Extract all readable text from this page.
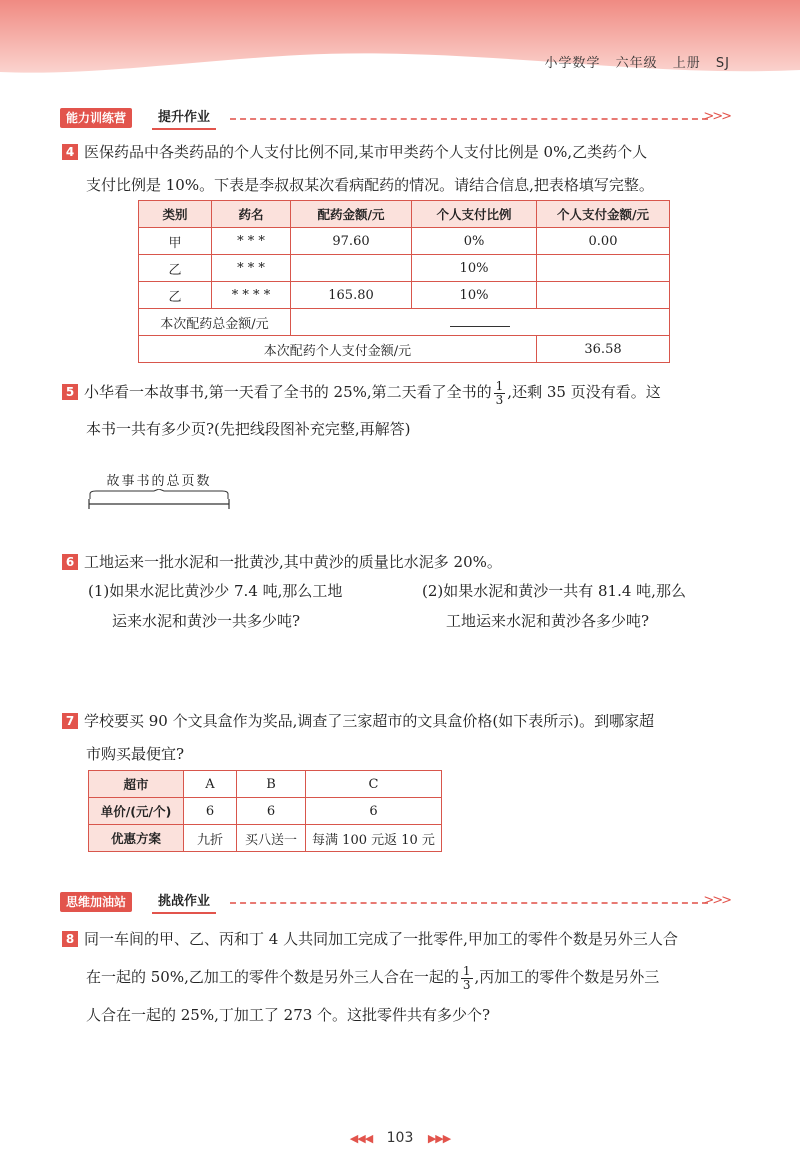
小学数学 六年级 上册 SJ
能力训练营	提升作业	>>>
4 医保药品中各类药品的个人支付比例不同,某市甲类药个人支付比例是 0%,乙类药个人
支付比例是 10%。下表是李叔叔某次看病配药的情况。请结合信息,把表格填写完整。
类别	药名	配药金额/元	个人支付比例	个人支付金额/元
甲	* * *	97.60	0%	0.00
乙	* * *		10%	
乙	* * * *	165.80	10%	
本次配药总金额/元				
本次配药个人支付金额/元				36.58
5 小华看一本故事书,第一天看了全书的 25%,第二天看了全书的 $\frac{1}{3}$ ,还剩 35 页没有看。这
本书一共有多少页?(先把线段图补充完整,再解答)
故事书的总页数
6 工地运来一批水泥和一批黄沙,其中黄沙的质量比水泥多 20%。
(1)如果水泥比黄沙少 7.4 吨,那么工地
运来水泥和黄沙一共多少吨?
(2)如果水泥和黄沙一共有 81.4 吨,那么
工地运来水泥和黄沙各多少吨?
7 学校要买 90 个文具盒作为奖品,调查了三家超市的文具盒价格(如下表所示)。到哪家超
市购买最便宜?
超市	A	B	C
单价/(元/个)	6	6	6
优惠方案	九折	买八送一	每满 100 元返 10 元
思维加油站	挑战作业	>>>
8 同一车间的甲、乙、丙和丁 4 人共同加工完成了一批零件,甲加工的零件个数是另外三人合
在一起的 50%,乙加工的零件个数是另外三人合在一起的 $\frac{1}{3}$ ,丙加工的零件个数是另外三
人合在一起的 25%,丁加工了 273 个。这批零件共有多少个?
◀◀◀ 103 ▶▶▶
